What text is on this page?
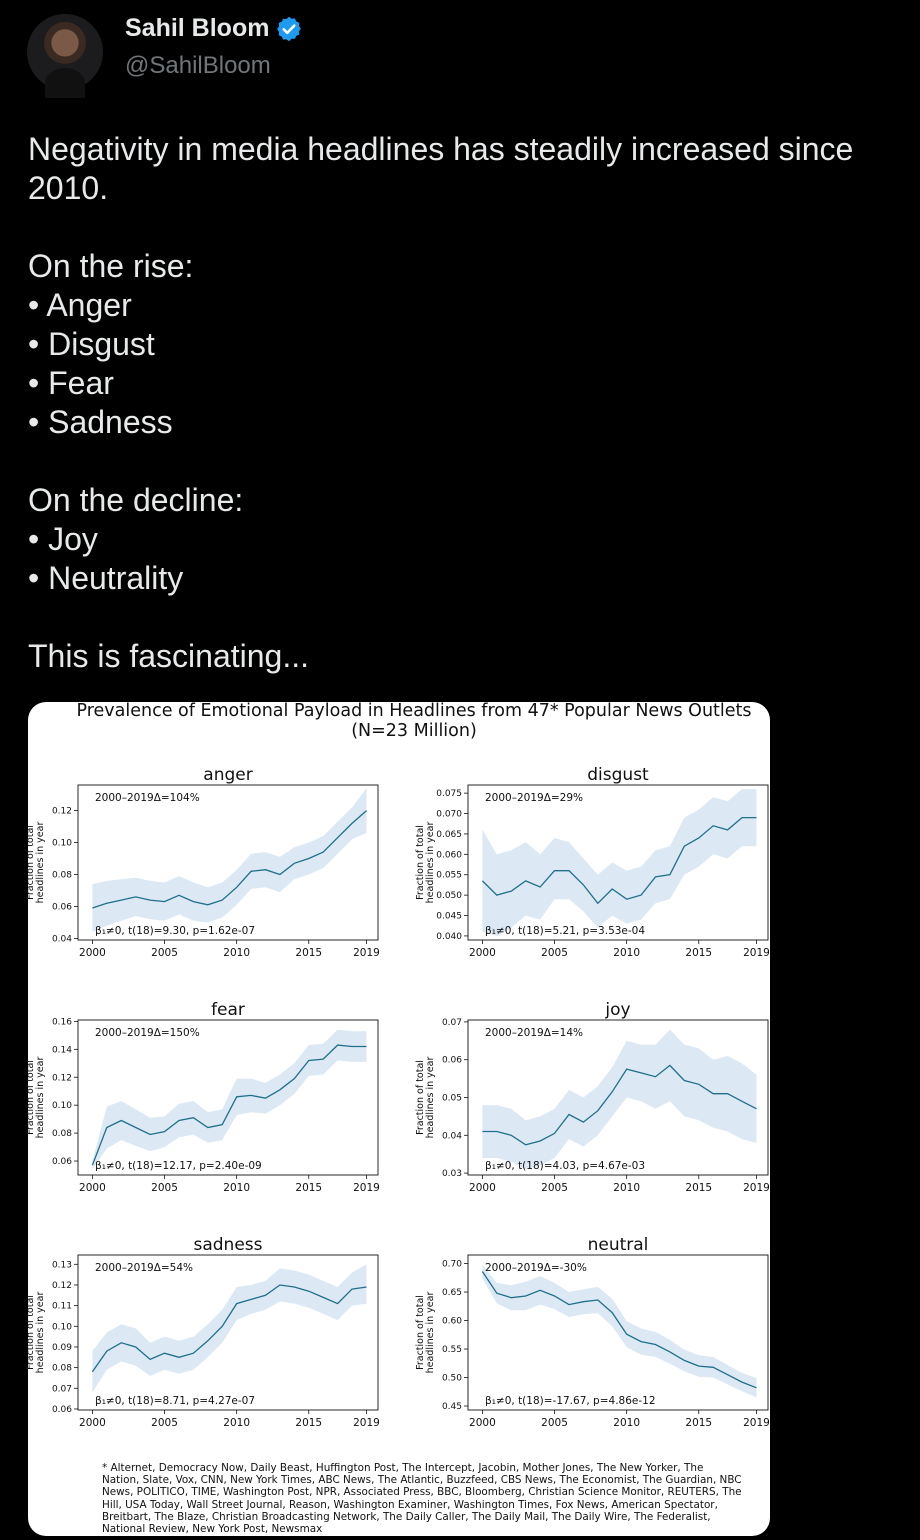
Sahil Bloom
@SahilBloom

Negativity in media headlines has steadily increased since 2010.

On the rise:
• Anger
• Disgust
• Fear
• Sadness

On the decline:
• Joy
• Neutrality

This is fascinating...

Prevalence of Emotional Payload in Headlines from 47* Popular News Outlets
(N=23 Million)
anger
2000–2019Δ=104%
β₁≠0, t(18)=9.30, p=1.62e-07
2000	2005	2010	2015	2019
0.04
0.06
0.08
0.10
0.12
Fraction of total headlines in year
disgust
2000–2019Δ=29%
β₁≠0, t(18)=5.21, p=3.53e-04
2000	2005	2010	2015	2019
0.040
0.045
0.050
0.055
0.060
0.065
0.070
0.075
Fraction of total headlines in year
fear
2000–2019Δ=150%
β₁≠0, t(18)=12.17, p=2.40e-09
2000	2005	2010	2015	2019
0.06
0.08
0.10
0.12
0.14
0.16
Fraction of total headlines in year
joy
2000–2019Δ=14%
β₁≠0, t(18)=4.03, p=4.67e-03
2000	2005	2010	2015	2019
0.03
0.04
0.05
0.06
0.07
Fraction of total headlines in year
sadness
2000–2019Δ=54%
β₁≠0, t(18)=8.71, p=4.27e-07
2000	2005	2010	2015	2019
0.06
0.07
0.08
0.09
0.10
0.11
0.12
0.13
Fraction of total headlines in year
neutral
2000–2019Δ=-30%
β₁≠0, t(18)=-17.67, p=4.86e-12
2000	2005	2010	2015	2019
0.45
0.50
0.55
0.60
0.65
0.70
Fraction of total headlines in year
* Alternet, Democracy Now, Daily Beast, Huffington Post, The Intercept, Jacobin, Mother Jones, The New Yorker, The Nation, Slate, Vox, CNN, New York Times, ABC News, The Atlantic, Buzzfeed, CBS News, The Economist, The Guardian, NBC News, POLITICO, TIME, Washington Post, NPR, Associated Press, BBC, Bloomberg, Christian Science Monitor, REUTERS, The Hill, USA Today, Wall Street Journal, Reason, Washington Examiner, Washington Times, Fox News, American Spectator, Breitbart, The Blaze, Christian Broadcasting Network, The Daily Caller, The Daily Mail, The Daily Wire, The Federalist, National Review, New York Post, Newsmax
